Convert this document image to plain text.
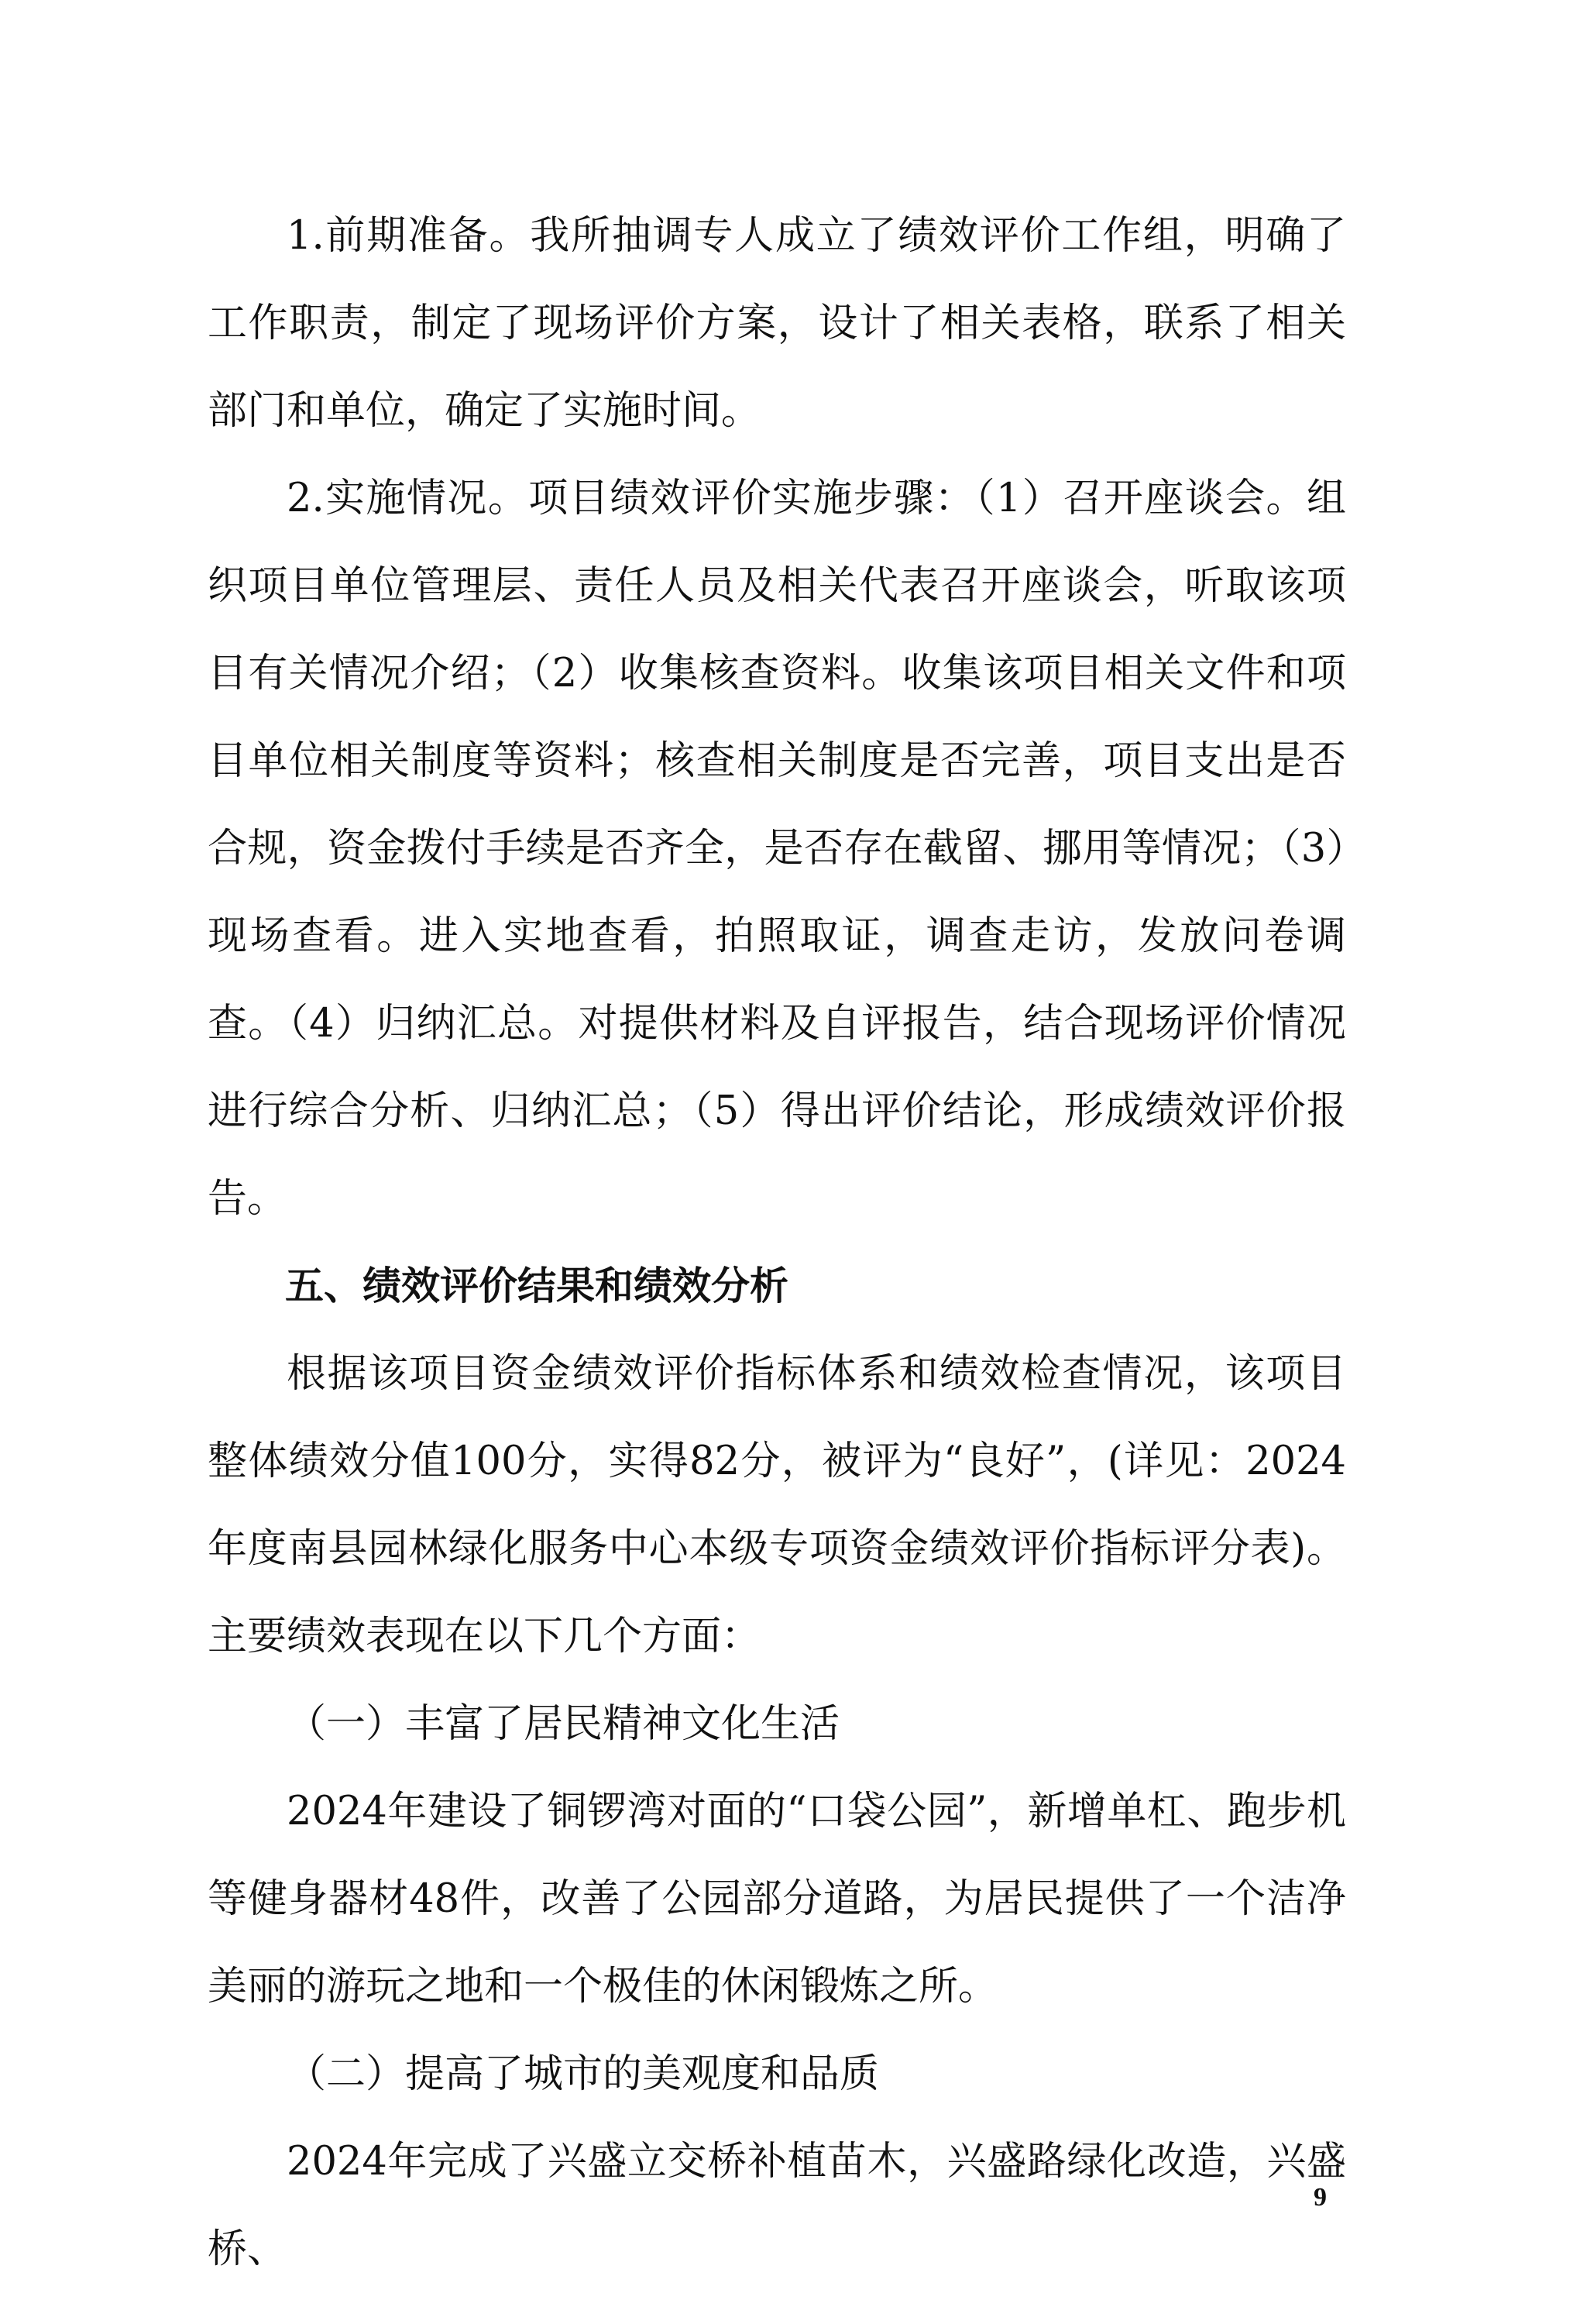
1.前期准备。我所抽调专人成立了绩效评价工作组，明确了工作职责，制定了现场评价方案，设计了相关表格，联系了相关部门和单位，确定了实施时间。

2.实施情况。项目绩效评价实施步骤：（1）召开座谈会。组织项目单位管理层、责任人员及相关代表召开座谈会，听取该项目有关情况介绍；（2）收集核查资料。收集该项目相关文件和项目单位相关制度等资料；核查相关制度是否完善，项目支出是否合规，资金拨付手续是否齐全，是否存在截留、挪用等情况；（3）现场查看。进入实地查看，拍照取证，调查走访，发放问卷调查。（4）归纳汇总。对提供材料及自评报告，结合现场评价情况进行综合分析、归纳汇总；（5）得出评价结论，形成绩效评价报告。

五、绩效评价结果和绩效分析

根据该项目资金绩效评价指标体系和绩效检查情况，该项目整体绩效分值100分，实得82分，被评为“良好”，(详见：2024年度南县园林绿化服务中心本级专项资金绩效评价指标评分表)。主要绩效表现在以下几个方面：

（一）丰富了居民精神文化生活

2024年建设了铜锣湾对面的“口袋公园”，新增单杠、跑步机等健身器材48件，改善了公园部分道路，为居民提供了一个洁净美丽的游玩之地和一个极佳的休闲锻炼之所。

（二）提高了城市的美观度和品质

2024年完成了兴盛立交桥补植苗木，兴盛路绿化改造，兴盛桥、

9
